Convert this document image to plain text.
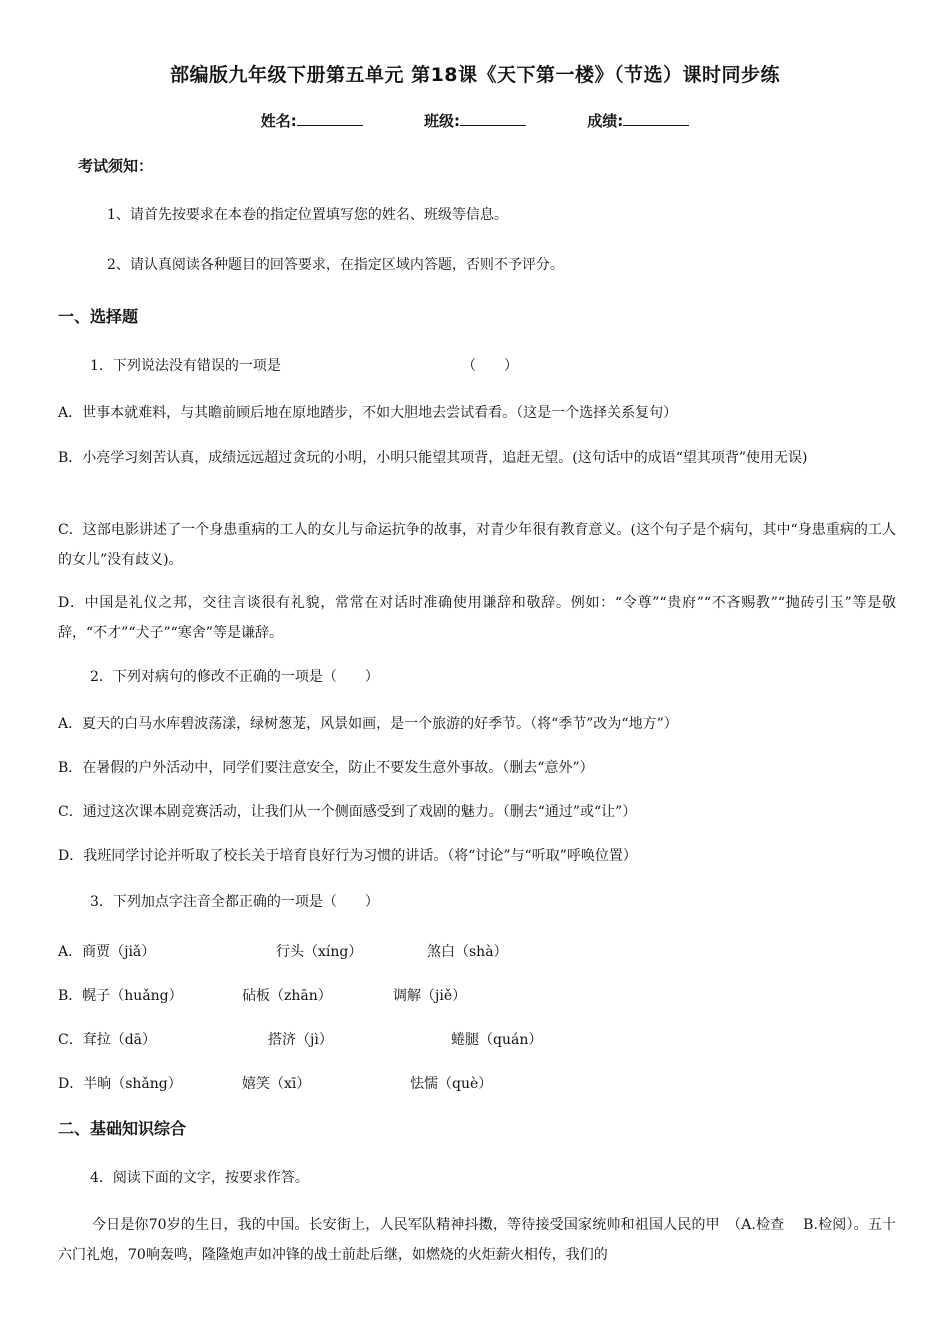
部编版九年级下册第五单元 第18课《天下第一楼》（节选）课时同步练
姓名:	班级:	成绩:
考试须知：
1、请首先按要求在本卷的指定位置填写您的姓名、班级等信息。
2、请认真阅读各种题目的回答要求，在指定区域内答题，否则不予评分。
一、选择题
1．下列说法没有错误的一项是	（　　）
A．世事本就难料，与其瞻前顾后地在原地踏步，不如大胆地去尝试看看。（这是一个选择关系复句）
B．小亮学习刻苦认真，成绩远远超过贪玩的小明，小明只能望其项背，追赶无望。(这句话中的成语“望其项背”使用无误)
C．这部电影讲述了一个身患重病的工人的女儿与命运抗争的故事，对青少年很有教育意义。(这个句子是个病句，其中“身患重病的工人的女儿”没有歧义)。
D．中国是礼仪之邦，交往言谈很有礼貌，常常在对话时准确使用谦辞和敬辞。例如：“令尊”“贵府”“不吝赐教”“抛砖引玉”等是敬辞，“不才”“犬子”“寒舍”等是谦辞。
2．下列对病句的修改不正确的一项是（　　）
A．夏天的白马水库碧波荡漾，绿树葱茏，风景如画，是一个旅游的好季节。（将“季节”改为“地方”）
B．在暑假的户外活动中，同学们要注意安全，防止不要发生意外事故。（删去“意外”）
C．通过这次课本剧竞赛活动，让我们从一个侧面感受到了戏剧的魅力。（删去“通过”或“让”）
D．我班同学讨论并听取了校长关于培育良好行为习惯的讲话。（将“讨论”与“听取”呼唤位置）
3．下列加点字注音全都正确的一项是（　　）
A．商贾（jiǎ）	行头（xíng）	煞白（shà）
B．幌子（huǎng）	砧板（zhān）	调解（jiě）
C．耷拉（dā）	搭济（jì）	蜷腿（quán）
D．半晌（shǎng）	嬉笑（xī）	怯懦（què）
二、基础知识综合
4．阅读下面的文字，按要求作答。
今日是你70岁的生日，我的中国。长安街上，人民军队精神抖擞，等待接受国家统帅和祖国人民的甲　（A.检查　 B.检阅）。五十六门礼炮，70响轰鸣，隆隆炮声如冲锋的战士前赴后继，如燃烧的火炬薪火相传，我们的
